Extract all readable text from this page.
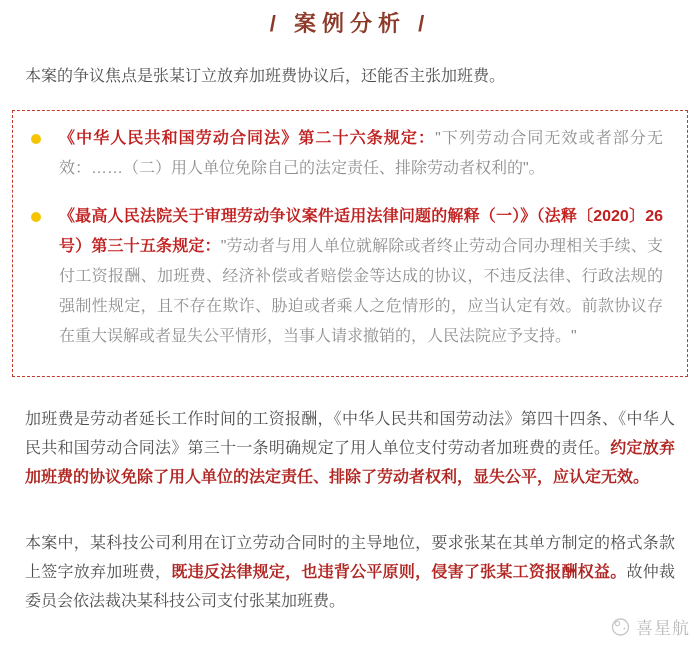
/ 案例分析 /

本案的争议焦点是张某订立放弃加班费协议后，还能否主张加班费。

《中华人民共和国劳动合同法》第二十六条规定："下列劳动合同无效或者部分无效：……（二）用人单位免除自己的法定责任、排除劳动者权利的"。

《最高人民法院关于审理劳动争议案件适用法律问题的解释（一）》（法释〔2020〕26号）第三十五条规定："劳动者与用人单位就解除或者终止劳动合同办理相关手续、支付工资报酬、加班费、经济补偿或者赔偿金等达成的协议，不违反法律、行政法规的强制性规定，且不存在欺诈、胁迫或者乘人之危情形的，应当认定有效。前款协议存在重大误解或者显失公平情形，当事人请求撤销的，人民法院应予支持。"

加班费是劳动者延长工作时间的工资报酬，《中华人民共和国劳动法》第四十四条、《中华人民共和国劳动合同法》第三十一条明确规定了用人单位支付劳动者加班费的责任。约定放弃加班费的协议免除了用人单位的法定责任、排除了劳动者权利，显失公平，应认定无效。

本案中，某科技公司利用在订立劳动合同时的主导地位，要求张某在其单方制定的格式条款上签字放弃加班费，既违反法律规定，也违背公平原则，侵害了张某工资报酬权益。故仲裁委员会依法裁决某科技公司支付张某加班费。

喜星航
